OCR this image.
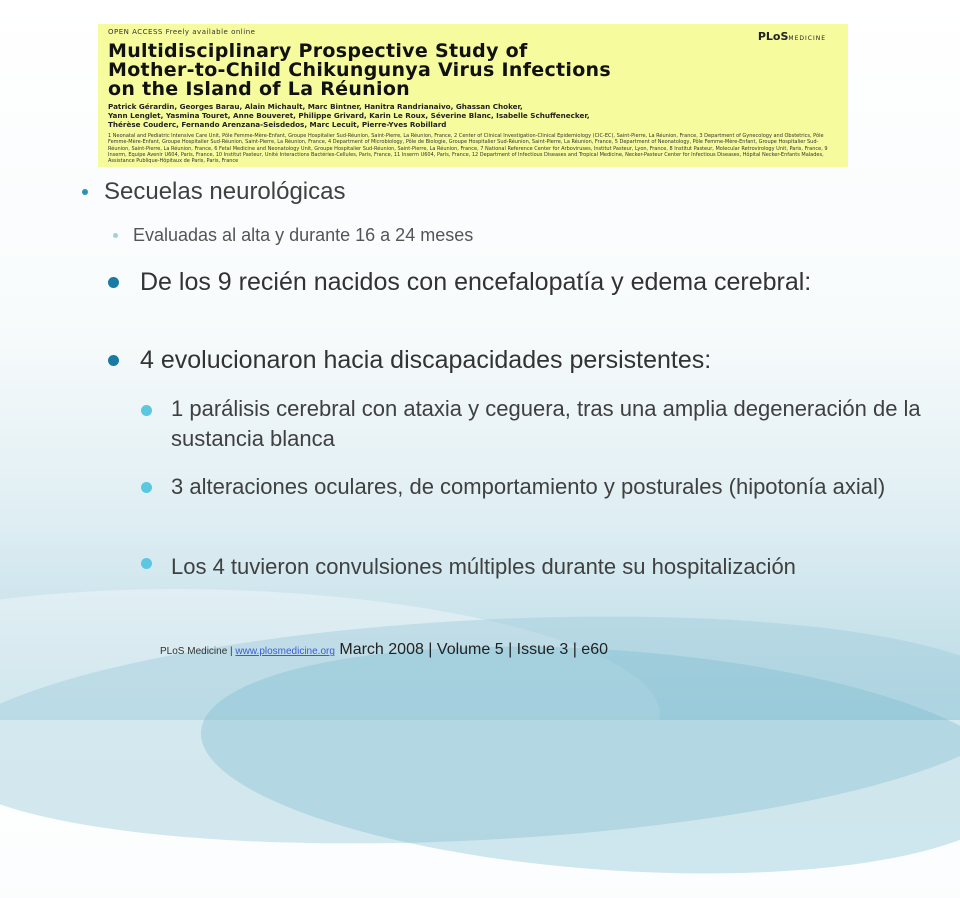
OPEN ACCESS Freely available online	PLoSMEDICINE
Multidisciplinary Prospective Study of
Mother-to-Child Chikungunya Virus Infections
on the Island of La Réunion
Patrick Gérardin, Georges Barau, Alain Michault, Marc Bintner, Hanitra Randrianaivo, Ghassan Choker,
Yann Lenglet, Yasmina Touret, Anne Bouveret, Philippe Grivard, Karin Le Roux, Séverine Blanc, Isabelle Schuffenecker,
Thérèse Couderc, Fernando Arenzana-Seisdedos, Marc Lecuit, Pierre-Yves Robillard
1 Neonatal and Pediatric Intensive Care Unit, Pôle Femme-Mère-Enfant, Groupe Hospitalier Sud-Réunion, Saint-Pierre, La Réunion, France, 2 Center of Clinical Investigation-Clinical Epidemiology (CIC-EC), Saint-Pierre, La Réunion, France, 3 Department of Gynecology and Obstetrics, Pôle Femme-Mère-Enfant, Groupe Hospitalier Sud-Réunion, Saint-Pierre, La Réunion, France, 4 Department of Microbiology, Pôle de Biologie, Groupe Hospitalier Sud-Réunion, Saint-Pierre, La Réunion, France, 5 Department of Neonatology, Pôle Femme-Mère-Enfant, Groupe Hospitalier Sud-Réunion, Saint-Pierre, La Réunion, France, 6 Fetal Medicine and Neonatology Unit, Groupe Hospitalier Sud-Réunion, Saint-Pierre, La Réunion, France, 7 National Reference Center for Arboviruses, Institut Pasteur, Lyon, France, 8 Institut Pasteur, Molecular Retrovirology Unit, Paris, France, 9 Inserm, Equipe Avenir U604, Paris, France, 10 Institut Pasteur, Unité Interactions Bactéries-Cellules, Paris, France, 11 Inserm U604, Paris, France, 12 Department of Infectious Diseases and Tropical Medicine, Necker-Pasteur Center for Infectious Diseases, Hôpital Necker-Enfants Malades, Assistance Publique-Hôpitaux de Paris, Paris, France
Secuelas neurológicas
Evaluadas al alta y durante 16 a 24 meses
De los 9 recién nacidos con encefalopatía y edema cerebral:
4 evolucionaron hacia discapacidades persistentes:
1 parálisis cerebral con ataxia y ceguera, tras una amplia degeneración de la sustancia blanca
3 alteraciones oculares, de comportamiento y posturales (hipotonía axial)
Los 4 tuvieron convulsiones múltiples durante su hospitalización
PLoS Medicine | www.plosmedicine.org March 2008 | Volume 5 | Issue 3 | e60
